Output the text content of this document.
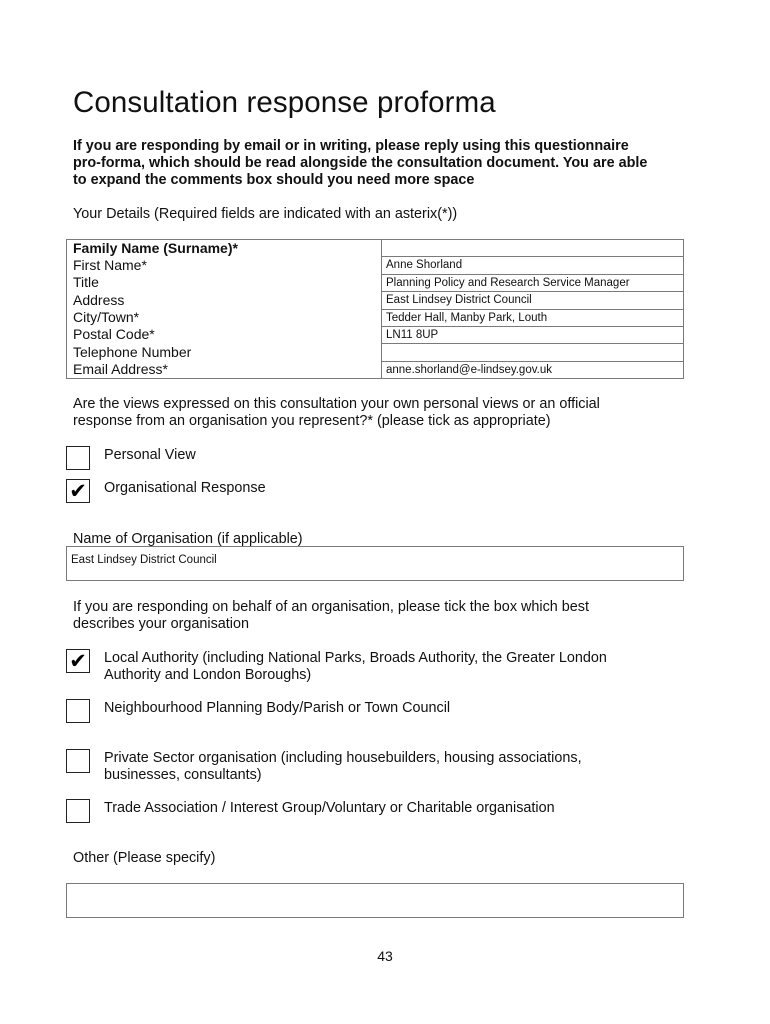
Consultation response proforma
If you are responding by email or in writing, please reply using this questionnaire
pro-forma, which should be read alongside the consultation document. You are able
to expand the comments box should you need more space
Your Details (Required fields are indicated with an asterix(*))
Family Name (Surname)*	
First Name*	Anne Shorland
Title	Planning Policy and Research Service Manager
Address	East Lindsey District Council
City/Town*	Tedder Hall, Manby Park, Louth
Postal Code*	LN11 8UP
Telephone Number	
Email Address*	anne.shorland@e-lindsey.gov.uk
Are the views expressed on this consultation your own personal views or an official
response from an organisation you represent?* (please tick as appropriate)
Personal View
✔ Organisational Response
Name of Organisation (if applicable)
East Lindsey District Council
If you are responding on behalf of an organisation, please tick the box which best
describes your organisation
✔ Local Authority (including National Parks, Broads Authority, the Greater London
Authority and London Boroughs)
Neighbourhood Planning Body/Parish or Town Council
Private Sector organisation (including housebuilders, housing associations,
businesses, consultants)
Trade Association / Interest Group/Voluntary or Charitable organisation
Other (Please specify)
43
